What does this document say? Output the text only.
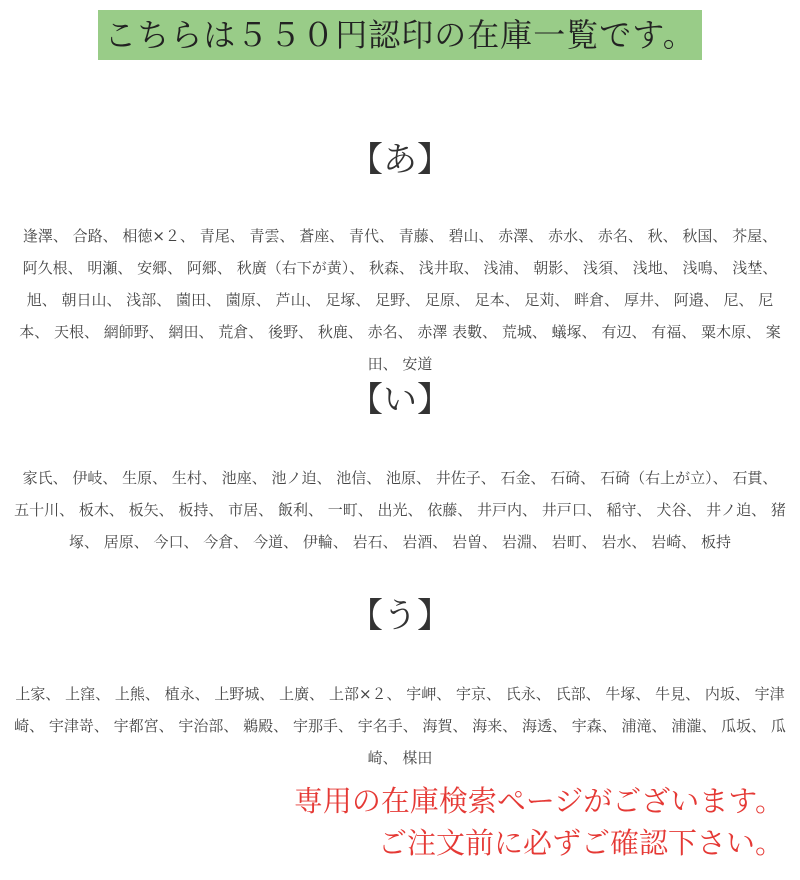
こちらは５５０円認印の在庫一覧です。
【あ】
逢澤、 合路、 相徳×２、 青尾、 青雲、 蒼座、 青代、 青藤、 碧山、 赤澤、 赤水、 赤名、 秋、 秋国、 芥屋、 阿久根、 明瀬、 安郷、 阿郷、 秋廣（右下が黄）、 秋森、 浅井取、 浅浦、 朝影、 浅須、 浅地、 浅鳴、 浅埜、 旭、 朝日山、 浅部、 薗田、 薗原、 芦山、 足塚、 足野、 足原、 足本、 足苅、 畔倉、 厚井、 阿邉、 尼、 尼本、 天根、 網師野、 網田、 荒倉、 後野、 秋鹿、 赤名、 赤澤 表數、 荒城、 蟻塚、 有辺、 有福、 粟木原、 案田、 安道
【い】
家氏、 伊岐、 生原、 生村、 池座、 池ノ迫、 池信、 池原、 井佐子、 石金、 石碕、 石碕（右上が立）、 石貫、 五十川、 板木、 板矢、 板持、 市居、 飯利、 一町、 出光、 依藤、 井戸内、 井戸口、 稲守、 犬谷、 井ノ迫、 猪塚、 居原、 今口、 今倉、 今道、 伊輪、 岩石、 岩酒、 岩曽、 岩淵、 岩町、 岩水、 岩崎、 板持
【う】
上家、 上窪、 上熊、 植永、 上野城、 上廣、 上部×２、 宇岬、 宇京、 氏永、 氏部、 牛塚、 牛見、 内坂、 宇津崎、 宇津嵜、 宇都宮、 宇治部、 鵜殿、 宇那手、 宇名手、 海賀、 海来、 海透、 宇森、 浦滝、 浦瀧、 瓜坂、 瓜崎、 楳田
専用の在庫検索ページがございます。
ご注文前に必ずご確認下さい。
